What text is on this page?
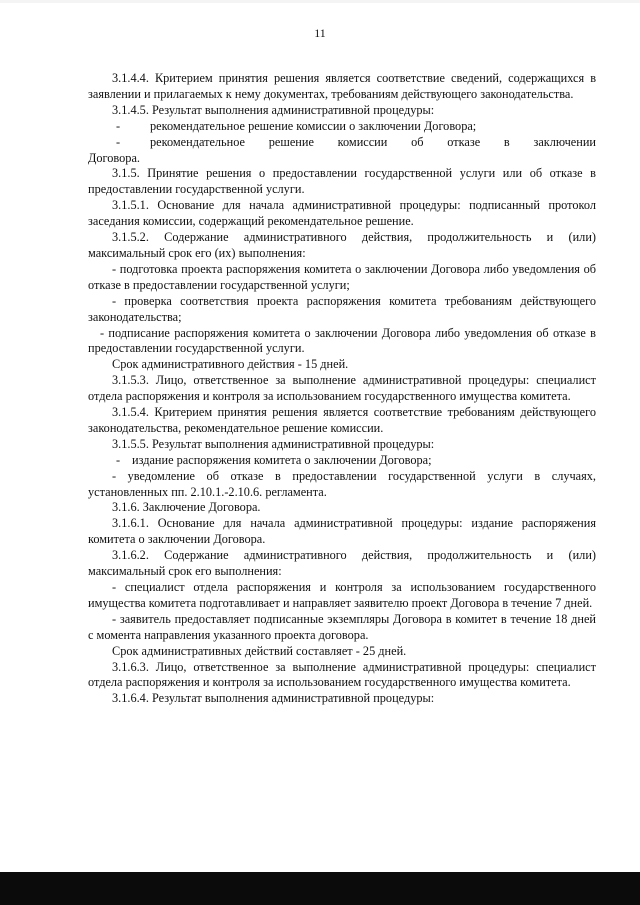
11

3.1.4.4. Критерием принятия решения является соответствие сведений, содержащихся в заявлении и прилагаемых к нему документах, требованиям действующего законодательства.

3.1.4.5. Результат выполнения административной процедуры:

-	рекомендательное решение комиссии о заключении Договора;

-	рекомендательное решение комиссии об отказе в заключении

Договора.

3.1.5. Принятие решения о предоставлении государственной услуги или об отказе в предоставлении государственной услуги.

3.1.5.1. Основание для начала административной процедуры: подписанный протокол заседания комиссии, содержащий рекомендательное решение.

3.1.5.2. Содержание административного действия, продолжительность и (или) максимальный срок его (их) выполнения:

- подготовка проекта распоряжения комитета о заключении Договора либо уведомления об отказе в предоставлении государственной услуги;

- проверка соответствия проекта распоряжения комитета требованиям действующего законодательства;

- подписание распоряжения комитета о заключении Договора либо уведомления об отказе в предоставлении государственной услуги.

Срок административного действия - 15 дней.

3.1.5.3. Лицо, ответственное за выполнение административной процедуры: специалист отдела распоряжения и контроля за использованием государственного имущества комитета.

3.1.5.4. Критерием принятия решения является соответствие требованиям действующего законодательства, рекомендательное решение комиссии.

3.1.5.5. Результат выполнения административной процедуры:

- издание распоряжения комитета о заключении Договора;

- уведомление об отказе в предоставлении государственной услуги в случаях, установленных пп. 2.10.1.-2.10.6. регламента.

3.1.6. Заключение Договора.

3.1.6.1. Основание для начала административной процедуры: издание распоряжения комитета о заключении Договора.

3.1.6.2. Содержание административного действия, продолжительность и (или) максимальный срок его выполнения:

- специалист отдела распоряжения и контроля за использованием государственного имущества комитета подготавливает и направляет заявителю проект Договора в течение 7 дней.

- заявитель предоставляет подписанные экземпляры Договора в комитет в течение 18 дней с момента направления указанного проекта договора.

Срок административных действий составляет - 25 дней.

3.1.6.3. Лицо, ответственное за выполнение административной процедуры: специалист отдела распоряжения и контроля за использованием государственного имущества комитета.

3.1.6.4. Результат выполнения административной процедуры:
